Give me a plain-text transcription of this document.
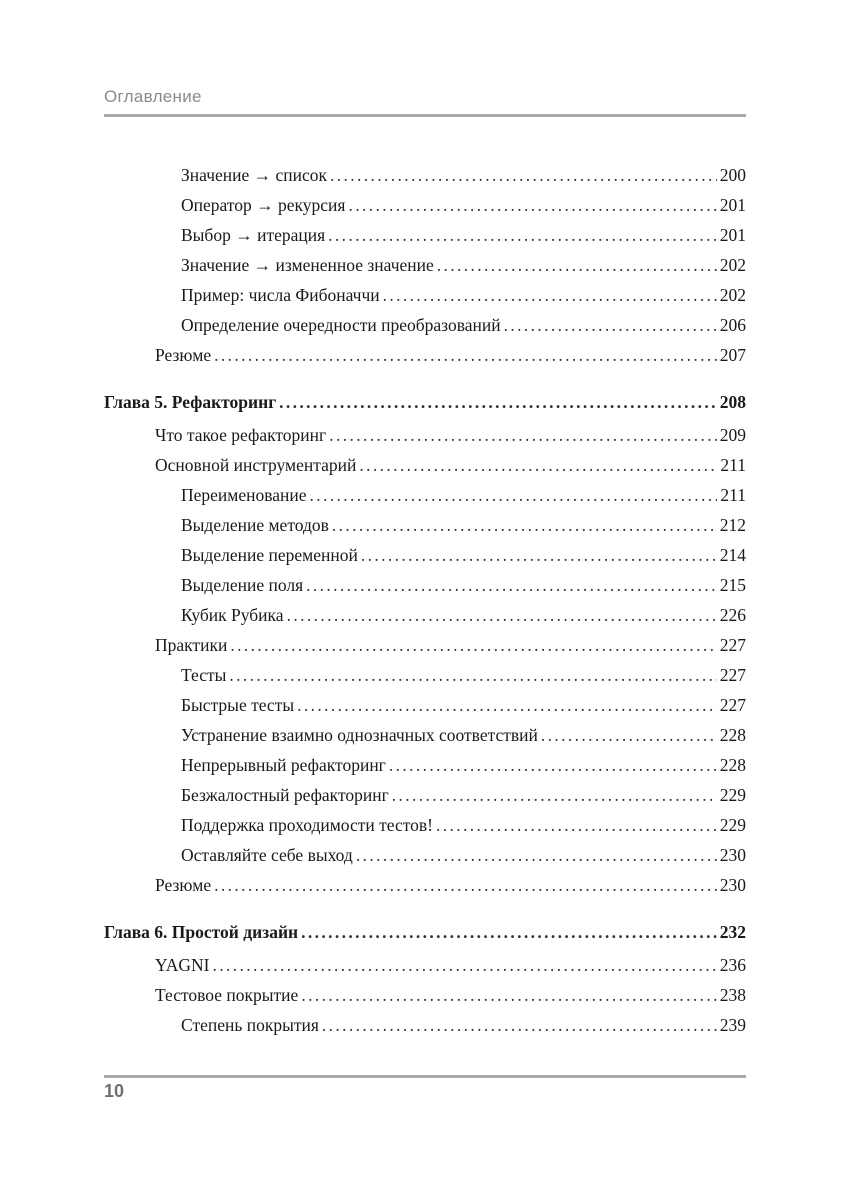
Оглавление
Значение → список . . .	200
Оператор → рекурсия . . .	201
Выбор → итерация . . .	201
Значение → измененное значение . . .	202
Пример: числа Фибоначчи . . .	202
Определение очередности преобразований . . .	206
Резюме . . .	207
Глава 5. Рефакторинг . . .	208
Что такое рефакторинг . . .	209
Основной инструментарий . . .	211
Переименование . . .	211
Выделение методов . . .	212
Выделение переменной . . .	214
Выделение поля . . .	215
Кубик Рубика . . .	226
Практики . . .	227
Тесты . . .	227
Быстрые тесты . . .	227
Устранение взаимно однозначных соответствий . . .	228
Непрерывный рефакторинг . . .	228
Безжалостный рефакторинг . . .	229
Поддержка проходимости тестов! . . .	229
Оставляйте себе выход . . .	230
Резюме . . .	230
Глава 6. Простой дизайн . . .	232
YAGNI . . .	236
Тестовое покрытие . . .	238
Степень покрытия . . .	239
10
